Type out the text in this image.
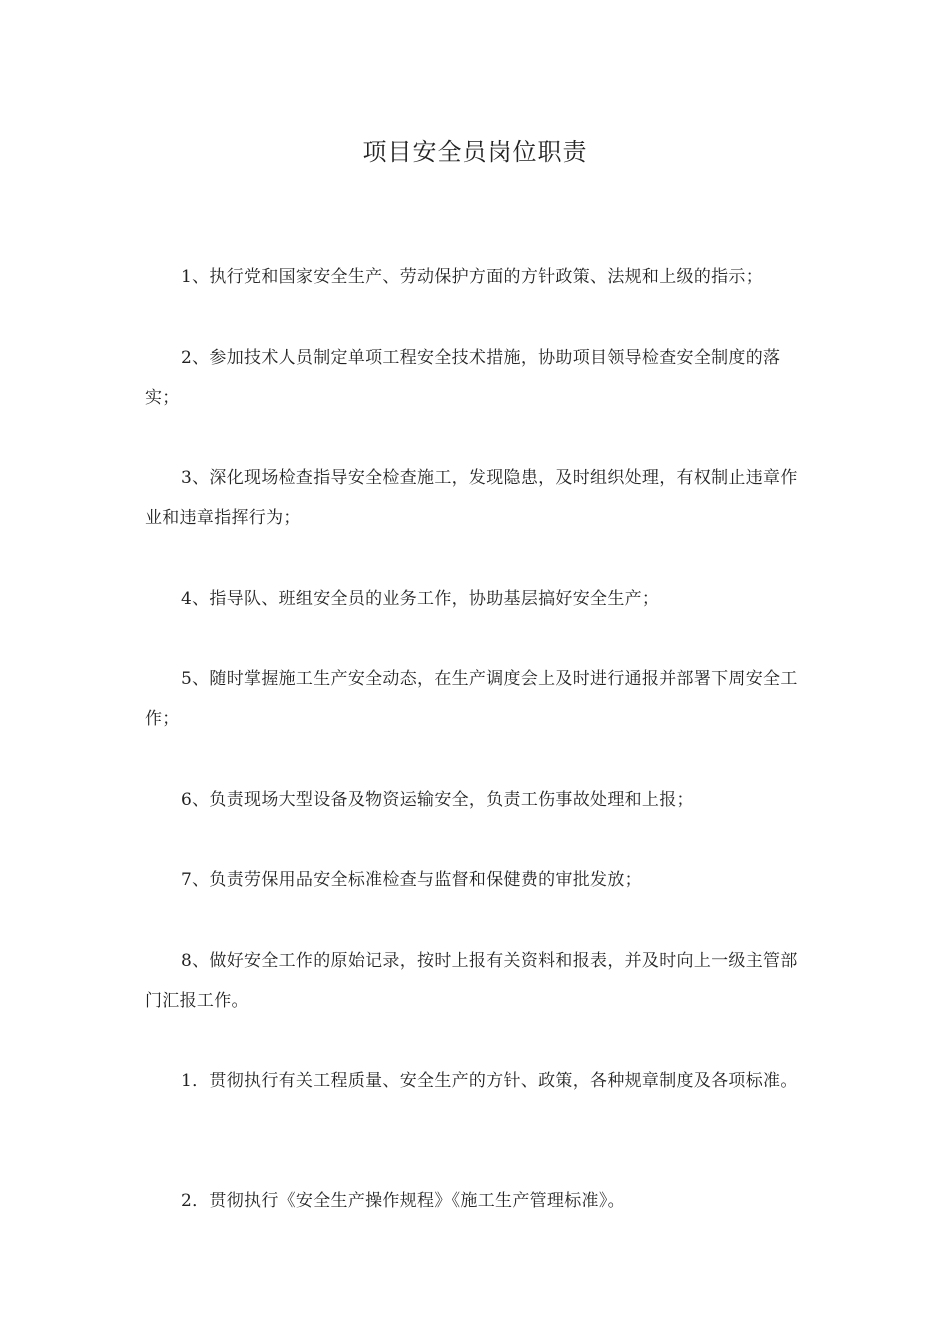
项目安全员岗位职责

1、执行党和国家安全生产、劳动保护方面的方针政策、法规和上级的指示；

2、参加技术人员制定单项工程安全技术措施，协助项目领导检查安全制度的落实；

3、深化现场检查指导安全检查施工，发现隐患，及时组织处理，有权制止违章作业和违章指挥行为；

4、指导队、班组安全员的业务工作，协助基层搞好安全生产；

5、随时掌握施工生产安全动态，在生产调度会上及时进行通报并部署下周安全工作；

6、负责现场大型设备及物资运输安全，负责工伤事故处理和上报；

7、负责劳保用品安全标准检查与监督和保健费的审批发放；

8、做好安全工作的原始记录，按时上报有关资料和报表，并及时向上一级主管部门汇报工作。

1．贯彻执行有关工程质量、安全生产的方针、政策，各种规章制度及各项标准。

2．贯彻执行《安全生产操作规程》《施工生产管理标准》。
